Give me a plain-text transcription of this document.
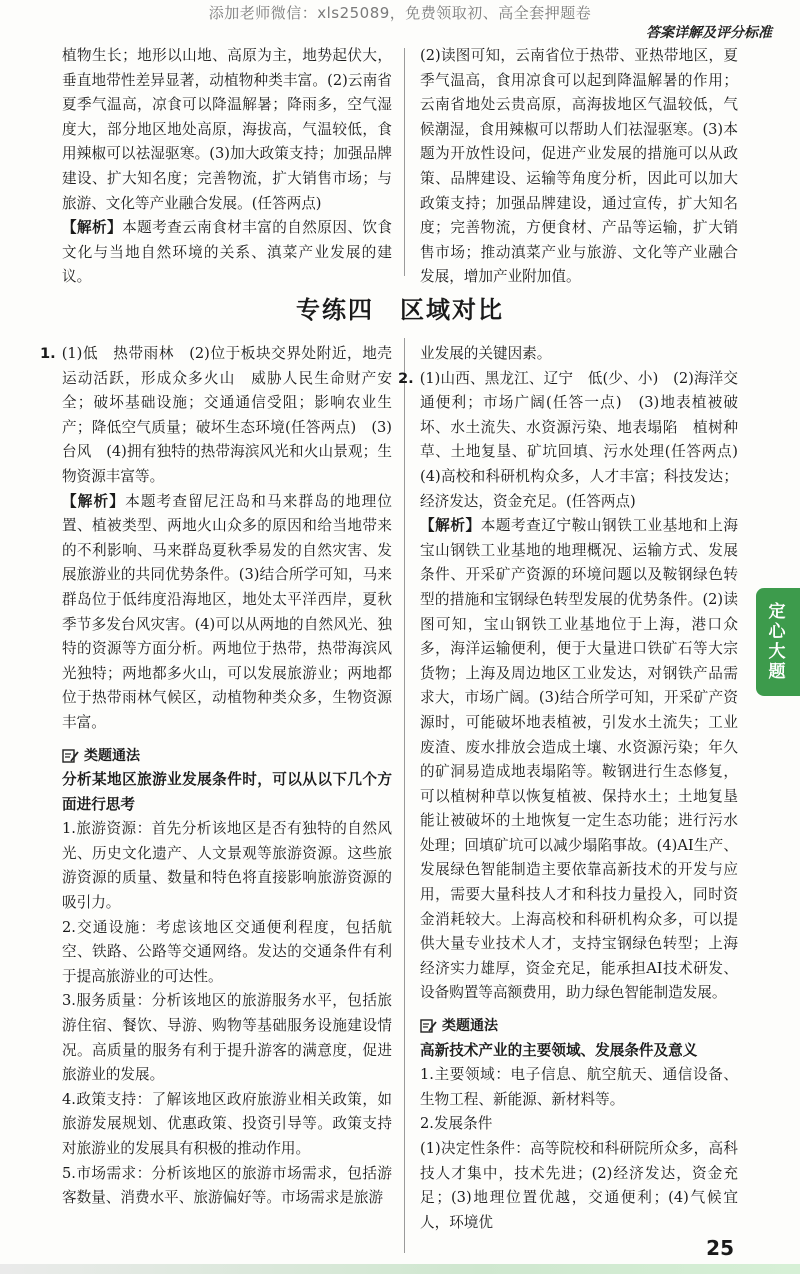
添加老师微信：xls25089，免费领取初、高全套押题卷
答案详解及评分标准

植物生长；地形以山地、高原为主，地势起伏大，垂直地带性差异显著，动植物种类丰富。(2)云南省夏季气温高，凉食可以降温解暑；降雨多，空气湿度大，部分地区地处高原，海拔高，气温较低，食用辣椒可以祛湿驱寒。(3)加大政策支持；加强品牌建设、扩大知名度；完善物流，扩大销售市场；与旅游、文化等产业融合发展。(任答两点)

【解析】本题考查云南食材丰富的自然原因、饮食文化与当地自然环境的关系、滇菜产业发展的建议。

(2)读图可知，云南省位于热带、亚热带地区，夏季气温高，食用凉食可以起到降温解暑的作用；云南省地处云贵高原，高海拔地区气温较低，气候潮湿，食用辣椒可以帮助人们祛湿驱寒。(3)本题为开放性设问，促进产业发展的措施可以从政策、品牌建设、运输等角度分析，因此可以加大政策支持；加强品牌建设，通过宣传，扩大知名度；完善物流，方便食材、产品等运输，扩大销售市场；推动滇菜产业与旅游、文化等产业融合发展，增加产业附加值。

专练四 区域对比

1. (1)低　热带雨林　(2)位于板块交界处附近，地壳运动活跃，形成众多火山　威胁人民生命财产安全；破坏基础设施；交通通信受阻；影响农业生产；降低空气质量；破坏生态环境(任答两点)　(3)台风　(4)拥有独特的热带海滨风光和火山景观；生物资源丰富等。

【解析】本题考查留尼汪岛和马来群岛的地理位置、植被类型、两地火山众多的原因和给当地带来的不利影响、马来群岛夏秋季易发的自然灾害、发展旅游业的共同优势条件。(3)结合所学可知，马来群岛位于低纬度沿海地区，地处太平洋西岸，夏秋季节多发台风灾害。(4)可以从两地的自然风光、独特的资源等方面分析。两地位于热带，热带海滨风光独特；两地都多火山，可以发展旅游业；两地都位于热带雨林气候区，动植物种类众多，生物资源丰富。

类题通法

分析某地区旅游业发展条件时，可以从以下几个方面进行思考

1.旅游资源：首先分析该地区是否有独特的自然风光、历史文化遗产、人文景观等旅游资源。这些旅游资源的质量、数量和特色将直接影响旅游资源的吸引力。

2.交通设施：考虑该地区交通便利程度，包括航空、铁路、公路等交通网络。发达的交通条件有利于提高旅游业的可达性。

3.服务质量：分析该地区的旅游服务水平，包括旅游住宿、餐饮、导游、购物等基础服务设施建设情况。高质量的服务有利于提升游客的满意度，促进旅游业的发展。

4.政策支持：了解该地区政府旅游业相关政策，如旅游发展规划、优惠政策、投资引导等。政策支持对旅游业的发展具有积极的推动作用。

5.市场需求：分析该地区的旅游市场需求，包括游客数量、消费水平、旅游偏好等。市场需求是旅游

业发展的关键因素。

2. (1)山西、黑龙江、辽宁　低(少、小)　(2)海洋交通便利；市场广阔(任答一点)　(3)地表植被破坏、水土流失、水资源污染、地表塌陷　植树种草、土地复垦、矿坑回填、污水处理(任答两点)　(4)高校和科研机构众多，人才丰富；科技发达；经济发达，资金充足。(任答两点)

【解析】本题考查辽宁鞍山钢铁工业基地和上海宝山钢铁工业基地的地理概况、运输方式、发展条件、开采矿产资源的环境问题以及鞍钢绿色转型的措施和宝钢绿色转型发展的优势条件。(2)读图可知，宝山钢铁工业基地位于上海，港口众多，海洋运输便利，便于大量进口铁矿石等大宗货物；上海及周边地区工业发达，对钢铁产品需求大，市场广阔。(3)结合所学可知，开采矿产资源时，可能破坏地表植被，引发水土流失；工业废渣、废水排放会造成土壤、水资源污染；年久的矿洞易造成地表塌陷等。鞍钢进行生态修复，可以植树种草以恢复植被、保持水土；土地复垦能让被破坏的土地恢复一定生态功能；进行污水处理；回填矿坑可以减少塌陷事故。(4)AI生产、发展绿色智能制造主要依靠高新技术的开发与应用，需要大量科技人才和科技力量投入，同时资金消耗较大。上海高校和科研机构众多，可以提供大量专业技术人才，支持宝钢绿色转型；上海经济实力雄厚，资金充足，能承担AI技术研发、设备购置等高额费用，助力绿色智能制造发展。

类题通法

高新技术产业的主要领域、发展条件及意义

1.主要领域：电子信息、航空航天、通信设备、生物工程、新能源、新材料等。

2.发展条件

(1)决定性条件：高等院校和科研院所众多，高科技人才集中，技术先进；(2)经济发达，资金充足；(3)地理位置优越，交通便利；(4)气候宜人，环境优

定
心
大
题
25
